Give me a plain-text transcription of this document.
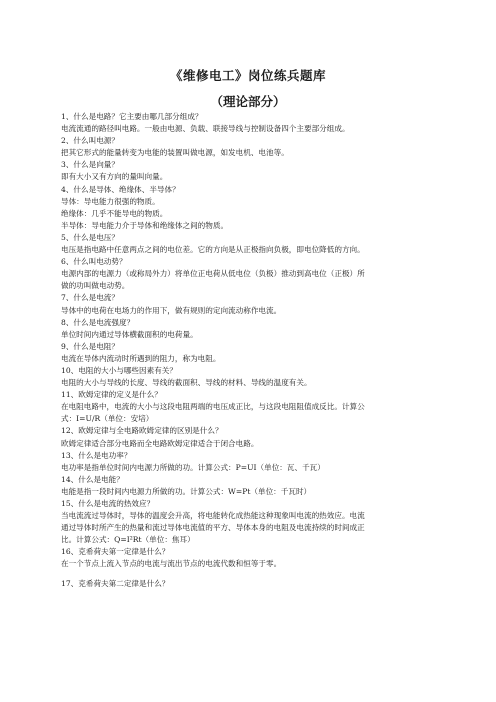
《维修电工》岗位练兵题库
（理论部分）
1、什么是电路？它主要由哪几部分组成？
电流流通的路径叫电路。一般由电源、负载、联接导线与控制设备四个主要部分组成。
2、什么叫电源？
把其它形式的能量转变为电能的装置叫做电源，如发电机、电池等。
3、什么是向量？
即有大小又有方向的量叫向量。
4、什么是导体、绝缘体、半导体？
导体：导电能力很强的物质。
绝缘体：几乎不能导电的物质。
半导体：导电能力介于导体和绝缘体之间的物质。
5、什么是电压？
电压是指电路中任意两点之间的电位差。它的方向是从正极指向负极，即电位降低的方向。
6、什么叫电动势？
电源内部的电源力（或称局外力）将单位正电荷从低电位（负极）推动到高电位（正极）所
做的功叫做电动势。
7、什么是电流？
导体中的电荷在电场力的作用下，做有规则的定向流动称作电流。
8、什么是电流强度？
单位时间内通过导体横截面积的电荷量。
9、什么是电阻？
电流在导体内流动时所遇到的阻力，称为电阻。
10、电阻的大小与哪些因素有关？
电阻的大小与导线的长度、导线的截面积、导线的材料、导线的温度有关。
11、欧姆定律的定义是什么？
在电阻电路中，电流的大小与这段电阻两端的电压成正比，与这段电阻阻值成反比。计算公
式：I=U/R（单位：安培）
12、欧姆定律与全电路欧姆定律的区别是什么？
欧姆定律适合部分电路而全电路欧姆定律适合于闭合电路。
13、什么是电功率？
电功率是指单位时间内电源力所做的功。计算公式：P=UI（单位：瓦、千瓦）
14、什么是电能？
电能是指一段时间内电源力所做的功。计算公式：W=Pt（单位：千瓦时）
15、什么是电流的热效应？
当电流流过导体时，导体的温度会升高，将电能转化成热能这种现象叫电流的热效应。电流
通过导体时所产生的热量和流过导体电流值的平方、导体本身的电阻及电流持续的时间成正
比。计算公式：Q=I²Rt（单位：焦耳）
16、克希荷夫第一定律是什么？
在一个节点上流入节点的电流与流出节点的电流代数和恒等于零。
17、克希荷夫第二定律是什么？
